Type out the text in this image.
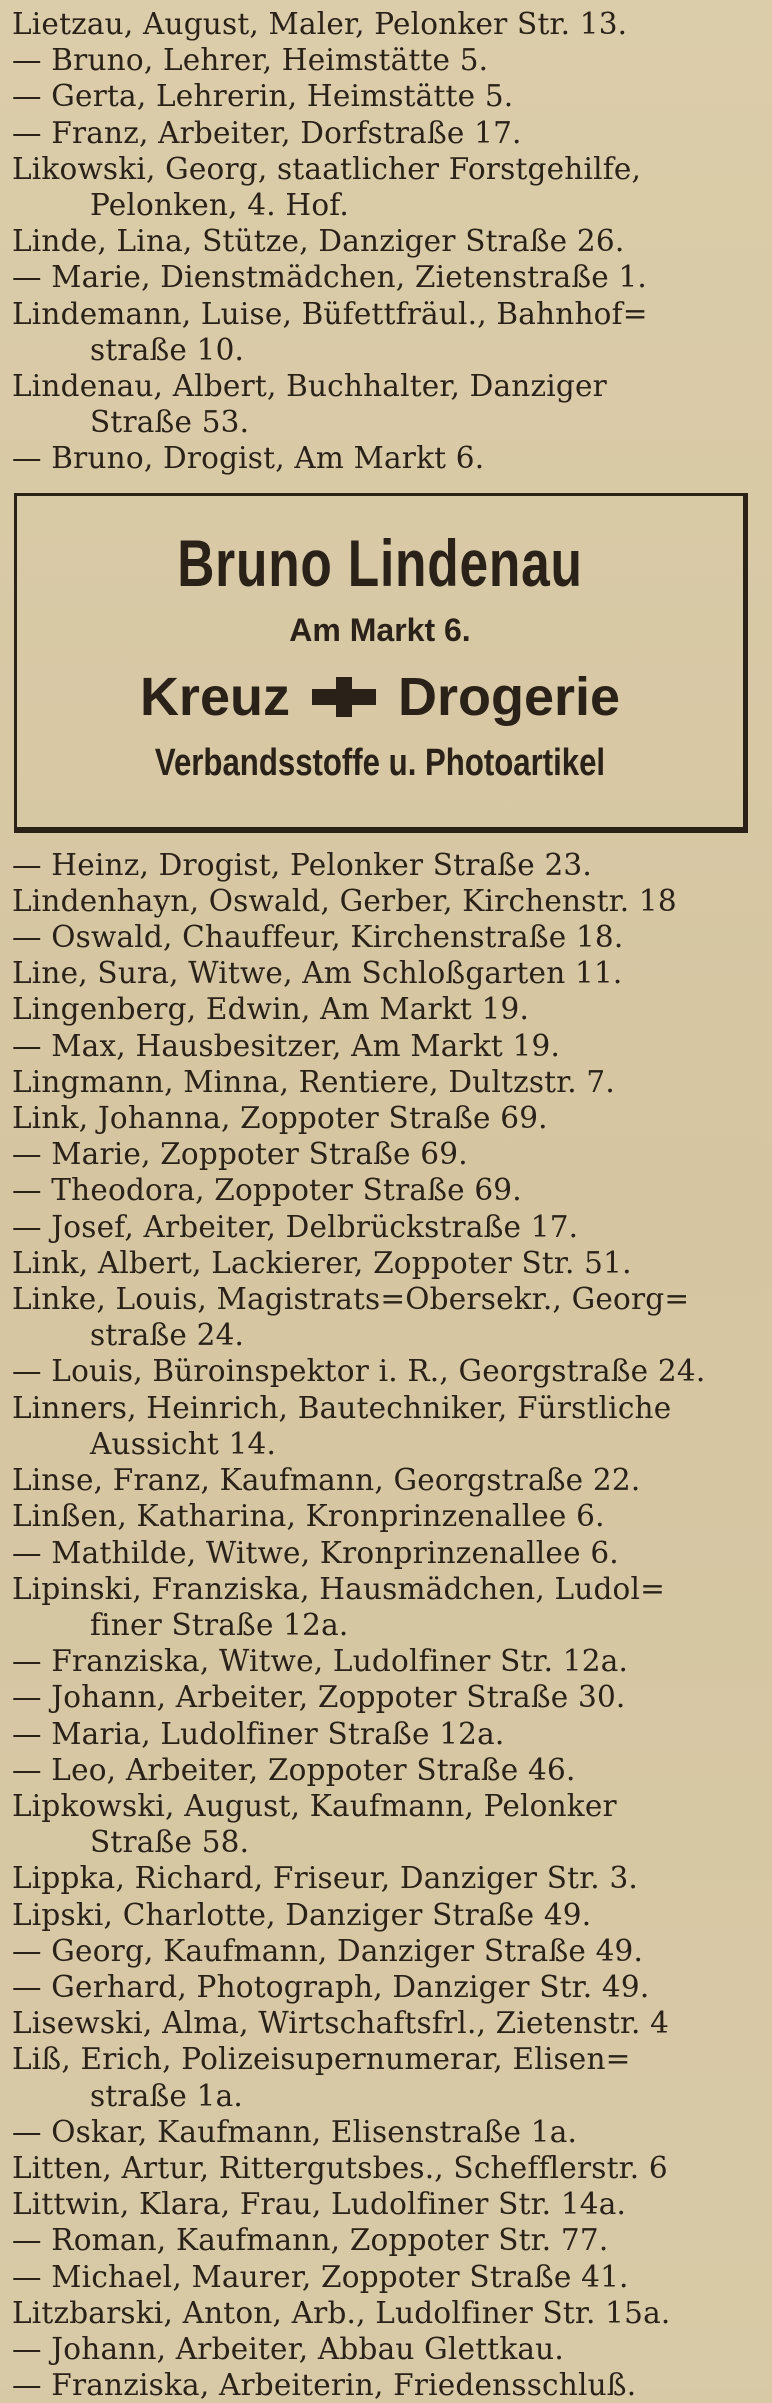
Lietzau, August, Maler, Pelonker Str. 13.
— Bruno, Lehrer, Heimstätte 5.
— Gerta, Lehrerin, Heimstätte 5.
— Franz, Arbeiter, Dorfstraße 17.
Likowski, Georg, staatlicher Forstgehilfe,
Pelonken, 4. Hof.
Linde, Lina, Stütze, Danziger Straße 26.
— Marie, Dienstmädchen, Zietenstraße 1.
Lindemann, Luise, Büfettfräul., Bahnhof=
straße 10.
Lindenau, Albert, Buchhalter, Danziger
Straße 53.
— Bruno, Drogist, Am Markt 6.
Bruno Lindenau
Am Markt 6.
Kreuz Drogerie
Verbandsstoffe u. Photoartikel
— Heinz, Drogist, Pelonker Straße 23.
Lindenhayn, Oswald, Gerber, Kirchenstr. 18
— Oswald, Chauffeur, Kirchenstraße 18.
Line, Sura, Witwe, Am Schloßgarten 11.
Lingenberg, Edwin, Am Markt 19.
— Max, Hausbesitzer, Am Markt 19.
Lingmann, Minna, Rentiere, Dultzstr. 7.
Link, Johanna, Zoppoter Straße 69.
— Marie, Zoppoter Straße 69.
— Theodora, Zoppoter Straße 69.
— Josef, Arbeiter, Delbrückstraße 17.
Link, Albert, Lackierer, Zoppoter Str. 51.
Linke, Louis, Magistrats=Obersekr., Georg=
straße 24.
— Louis, Büroinspektor i. R., Georgstraße 24.
Linners, Heinrich, Bautechniker, Fürstliche
Aussicht 14.
Linse, Franz, Kaufmann, Georgstraße 22.
Linßen, Katharina, Kronprinzenallee 6.
— Mathilde, Witwe, Kronprinzenallee 6.
Lipinski, Franziska, Hausmädchen, Ludol=
finer Straße 12a.
— Franziska, Witwe, Ludolfiner Str. 12a.
— Johann, Arbeiter, Zoppoter Straße 30.
— Maria, Ludolfiner Straße 12a.
— Leo, Arbeiter, Zoppoter Straße 46.
Lipkowski, August, Kaufmann, Pelonker
Straße 58.
Lippka, Richard, Friseur, Danziger Str. 3.
Lipski, Charlotte, Danziger Straße 49.
— Georg, Kaufmann, Danziger Straße 49.
— Gerhard, Photograph, Danziger Str. 49.
Lisewski, Alma, Wirtschaftsfrl., Zietenstr. 4
Liß, Erich, Polizeisupernumerar, Elisen=
straße 1a.
— Oskar, Kaufmann, Elisenstraße 1a.
Litten, Artur, Rittergutsbes., Schefflerstr. 6
Littwin, Klara, Frau, Ludolfiner Str. 14a.
— Roman, Kaufmann, Zoppoter Str. 77.
— Michael, Maurer, Zoppoter Straße 41.
Litzbarski, Anton, Arb., Ludolfiner Str. 15a.
— Johann, Arbeiter, Abbau Glettkau.
— Franziska, Arbeiterin, Friedensschluß.
